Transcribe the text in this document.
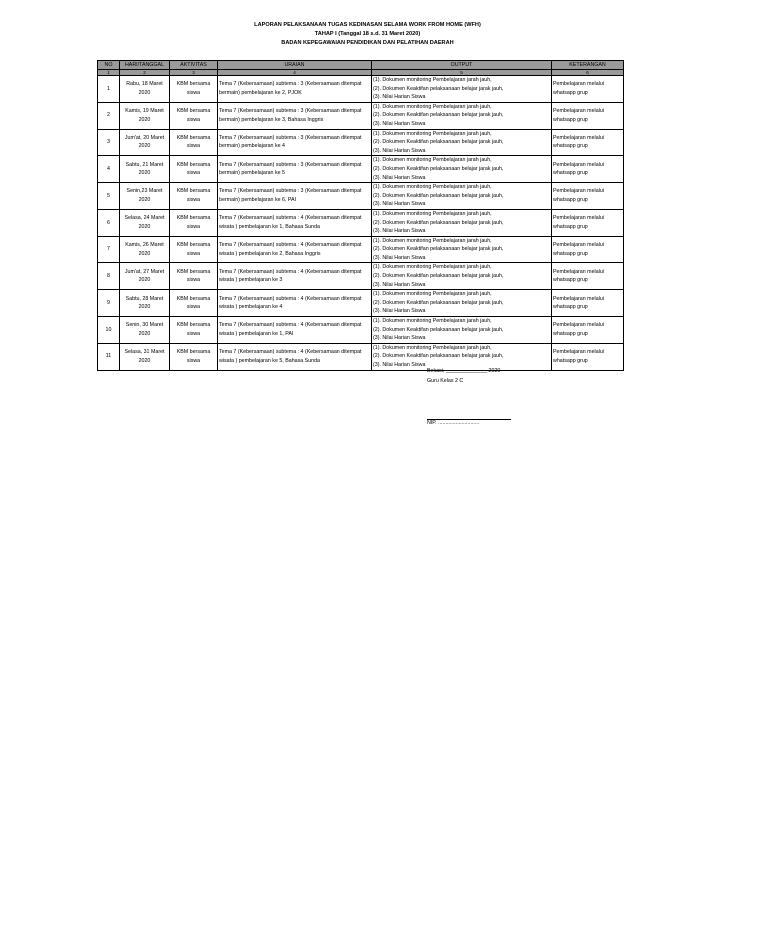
LAPORAN PELAKSANAAN TUGAS KEDINASAN SELAMA WORK FROM HOME (WFH)
TAHAP I (Tanggal 18 s.d. 31 Maret 2020)
BADAN KEPEGAWAIAN PENDIDIKAN DAN PELATIHAN DAERAH
NO	HARI/TANGGAL	AKTIVITAS	URAIAN	OUTPUT	KETERANGAN
1	2	3	4	5	6
1	Rabu, 18 Maret 2020	KBM bersama siswa	Tema 7 (Kebersamaan) subtema : 3 (Kebersamaan ditempat bermain) pembelajaran ke 2, PJOK	(1). Dokumen monitoring Pembelajaran jarah jauh,
(2). Dokumen Keaktifan pelaksanaan belajar jarak jauh,
(3). Nilai Harian Siswa	Pembelajaran melalui whatsapp grup
2	Kamis, 19 Maret 2020	KBM bersama siswa	Tema 7 (Kebersamaan) subtema : 3 (Kebersamaan ditempat bermain) pembelajaran ke 3, Bahasa Inggris	(1). Dokumen monitoring Pembelajaran jarah jauh,
(2). Dokumen Keaktifan pelaksanaan belajar jarak jauh,
(3). Nilai Harian Siswa	Pembelajaran melalui whatsapp grup
3	Jum'at, 20 Maret 2020	KBM bersama siswa	Tema 7 (Kebersamaan) subtema : 3 (Kebersamaan ditempat bermain) pembelajaran ke 4	(1). Dokumen monitoring Pembelajaran jarah jauh,
(2). Dokumen Keaktifan pelaksanaan belajar jarak jauh,
(3). Nilai Harian Siswa	Pembelajaran melalui whatsapp grup
4	Sabtu, 21 Maret 2020	KBM bersama siswa	Tema 7 (Kebersamaan) subtema : 3 (Kebersamaan ditempat bermain) pembelajaran ke 5	(1). Dokumen monitoring Pembelajaran jarah jauh,
(2). Dokumen Keaktifan pelaksanaan belajar jarak jauh,
(3). Nilai Harian Siswa	Pembelajaran melalui whatsapp grup
5	Senin,23 Maret 2020	KBM bersama siswa	Tema 7 (Kebersamaan) subtema : 3 (Kebersamaan ditempat bermain) pembelajaran ke 6, PAI	(1). Dokumen monitoring Pembelajaran jarah jauh,
(2). Dokumen Keaktifan pelaksanaan belajar jarak jauh,
(3). Nilai Harian Siswa	Pembelajaran melalui whatsapp grup
6	Selasa, 24 Maret 2020	KBM bersama siswa	Tema 7 (Kebersamaan) subtema : 4 (Kebersamaan ditempat wisata ) pembelajaran ke 1, Bahasa Sunda	(1). Dokumen monitoring Pembelajaran jarah jauh,
(2). Dokumen Keaktifan pelaksanaan belajar jarak jauh,
(3). Nilai Harian Siswa	Pembelajaran melalui whatsapp grup
7	Kamis, 26 Maret 2020	KBM bersama siswa	Tema 7 (Kebersamaan) subtema : 4 (Kebersamaan ditempat wisata ) pembelajaran ke 2, Bahasa Inggris	(1). Dokumen monitoring Pembelajaran jarah jauh,
(2). Dokumen Keaktifan pelaksanaan belajar jarak jauh,
(3). Nilai Harian Siswa	Pembelajaran melalui whatsapp grup
8	Jum'at, 27 Maret 2020	KBM bersama siswa	Tema 7 (Kebersamaan) subtema : 4 (Kebersamaan ditempat wisata ) pembelajaran ke 3	(1). Dokumen monitoring Pembelajaran jarah jauh,
(2). Dokumen Keaktifan pelaksanaan belajar jarak jauh,
(3). Nilai Harian Siswa	Pembelajaran melalui whatsapp grup
9	Sabtu, 28 Maret 2020	KBM bersama siswa	Tema 7 (Kebersamaan) subtema : 4 (Kebersamaan ditempat wisata ) pembelajaran ke 4	(1). Dokumen monitoring Pembelajaran jarah jauh,
(2). Dokumen Keaktifan pelaksanaan belajar jarak jauh,
(3). Nilai Harian Siswa	Pembelajaran melalui whatsapp grup
10	Senin, 30 Maret 2020	KBM bersama siswa	Tema 7 (Kebersamaan) subtema : 4 (Kebersamaan ditempat wisata ) pembelajaran ke 1, PAI	(1). Dokumen monitoring Pembelajaran jarah jauh,
(2). Dokumen Keaktifan pelaksanaan belajar jarak jauh,
(3). Nilai Harian Siswa	Pembelajaran melalui whatsapp grup
11	Selasa, 31 Maret 2020	KBM bersama siswa	Tema 7 (Kebersamaan) subtema : 4 (Kebersamaan ditempat wisata ) pembelajaran ke 5, Bahasa Sunda	(1). Dokumen monitoring Pembelajaran jarah jauh,
(2). Dokumen Keaktifan pelaksanaan belajar jarak jauh,
(3). Nilai Harian Siswa	Pembelajaran melalui whatsapp grup
Bekasi, ______________ 2020
Guru Kelas 2 C
NIP. ............................
